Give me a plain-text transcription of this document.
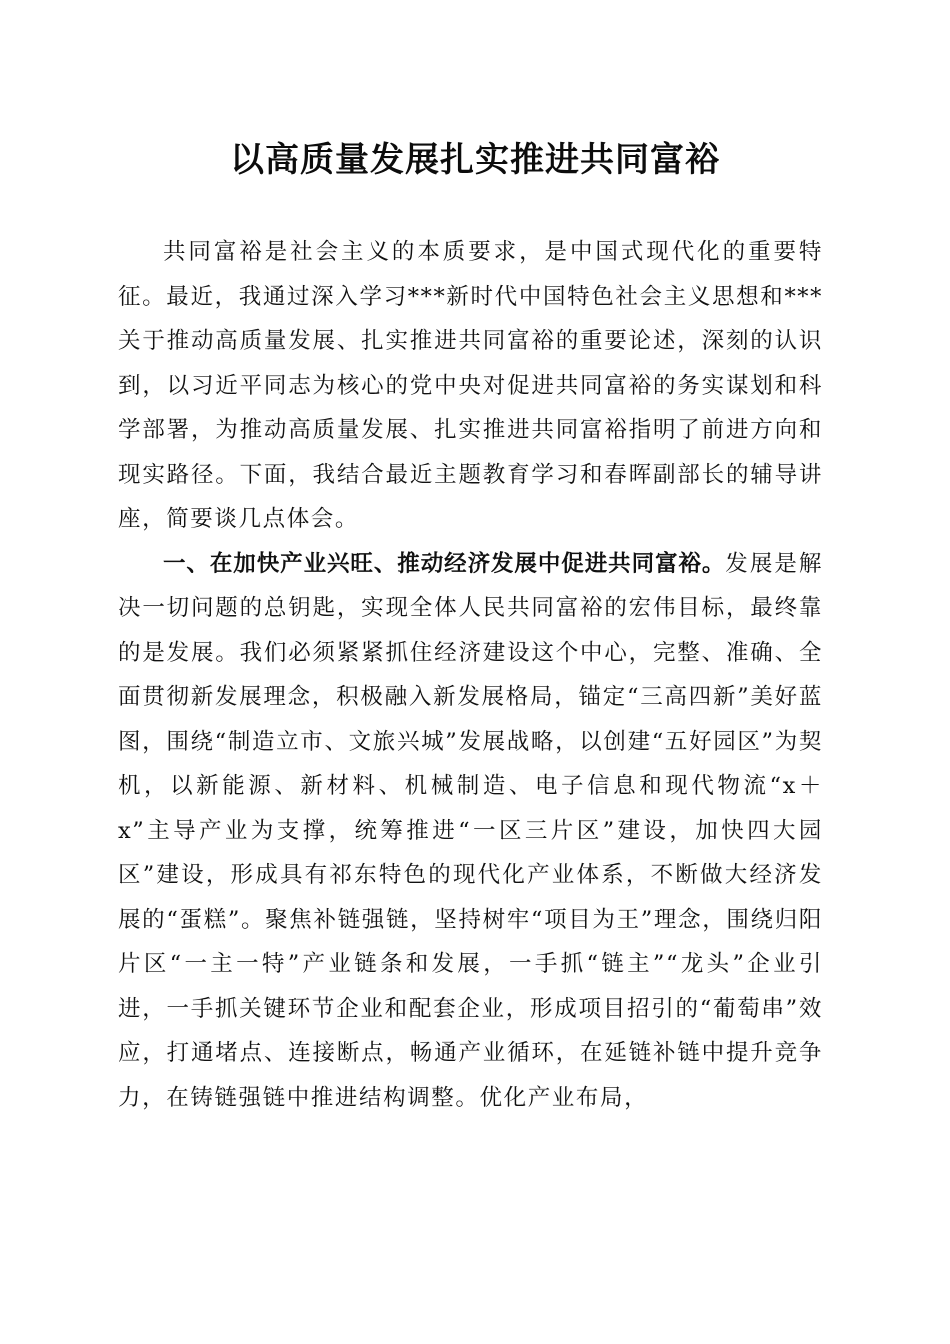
以高质量发展扎实推进共同富裕

共同富裕是社会主义的本质要求，是中国式现代化的重要特征。最近，我通过深入学习***新时代中国特色社会主义思想和***关于推动高质量发展、扎实推进共同富裕的重要论述，深刻的认识到，以习近平同志为核心的党中央对促进共同富裕的务实谋划和科学部署，为推动高质量发展、扎实推进共同富裕指明了前进方向和现实路径。下面，我结合最近主题教育学习和春晖副部长的辅导讲座，简要谈几点体会。

一、在加快产业兴旺、推动经济发展中促进共同富裕。发展是解决一切问题的总钥匙，实现全体人民共同富裕的宏伟目标，最终靠的是发展。我们必须紧紧抓住经济建设这个中心，完整、准确、全面贯彻新发展理念，积极融入新发展格局，锚定“三高四新”美好蓝图，围绕“制造立市、文旅兴城”发展战略，以创建“五好园区”为契机，以新能源、新材料、机械制造、电子信息和现代物流“x＋x”主导产业为支撑，统筹推进“一区三片区”建设，加快四大园区”建设，形成具有祁东特色的现代化产业体系，不断做大经济发展的“蛋糕”。聚焦补链强链，坚持树牢“项目为王”理念，围绕归阳片区“一主一特”产业链条和发展，一手抓“链主”“龙头”企业引进，一手抓关键环节企业和配套企业，形成项目招引的“葡萄串”效应，打通堵点、连接断点，畅通产业循环，在延链补链中提升竞争力，在铸链强链中推进结构调整。优化产业布局，
